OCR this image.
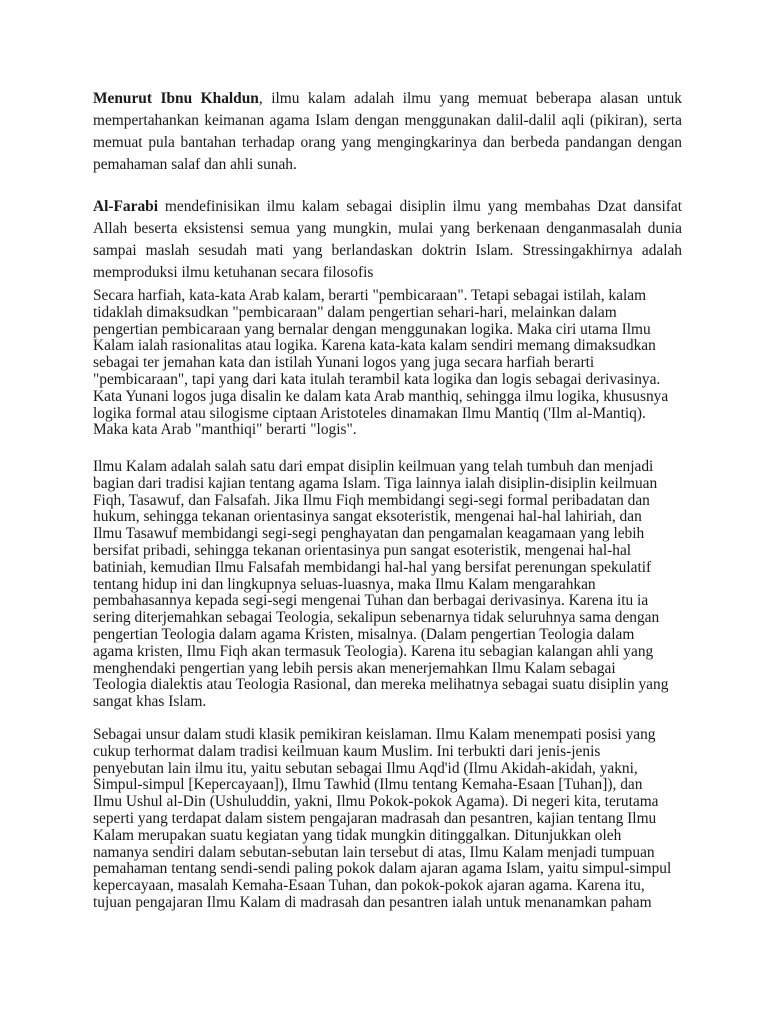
Menurut Ibnu Khaldun, ilmu kalam adalah ilmu yang memuat beberapa alasan untuk
mempertahankan keimanan agama Islam dengan menggunakan dalil-dalil aqli (pikiran), serta
memuat pula bantahan terhadap orang yang mengingkarinya dan berbeda pandangan dengan
pemahaman salaf dan ahli sunah.
Al-Farabi mendefinisikan ilmu kalam sebagai disiplin ilmu yang membahas Dzat dansifat
Allah beserta eksistensi semua yang mungkin, mulai yang berkenaan denganmasalah dunia
sampai maslah sesudah mati yang berlandaskan doktrin Islam. Stressingakhirnya adalah
memproduksi ilmu ketuhanan secara filosofis
Secara harfiah, kata-kata Arab kalam, berarti "pembicaraan". Tetapi sebagai istilah, kalam
tidaklah dimaksudkan "pembicaraan" dalam pengertian sehari-hari, melainkan dalam
pengertian pembicaraan yang bernalar dengan menggunakan logika. Maka ciri utama Ilmu
Kalam ialah rasionalitas atau logika. Karena kata-kata kalam sendiri memang dimaksudkan
sebagai ter jemahan kata dan istilah Yunani logos yang juga secara harfiah berarti
"pembicaraan", tapi yang dari kata itulah terambil kata logika dan logis sebagai derivasinya.
Kata Yunani logos juga disalin ke dalam kata Arab manthiq, sehingga ilmu logika, khususnya
logika formal atau silogisme ciptaan Aristoteles dinamakan Ilmu Mantiq ('Ilm al-Mantiq).
Maka kata Arab "manthiqi" berarti "logis".
Ilmu Kalam adalah salah satu dari empat disiplin keilmuan yang telah tumbuh dan menjadi
bagian dari tradisi kajian tentang agama Islam. Tiga lainnya ialah disiplin-disiplin keilmuan
Fiqh, Tasawuf, dan Falsafah. Jika Ilmu Fiqh membidangi segi-segi formal peribadatan dan
hukum, sehingga tekanan orientasinya sangat eksoteristik, mengenai hal-hal lahiriah, dan
Ilmu Tasawuf membidangi segi-segi penghayatan dan pengamalan keagamaan yang lebih
bersifat pribadi, sehingga tekanan orientasinya pun sangat esoteristik, mengenai hal-hal
batiniah, kemudian Ilmu Falsafah membidangi hal-hal yang bersifat perenungan spekulatif
tentang hidup ini dan lingkupnya seluas-luasnya, maka Ilmu Kalam mengarahkan
pembahasannya kepada segi-segi mengenai Tuhan dan berbagai derivasinya. Karena itu ia
sering diterjemahkan sebagai Teologia, sekalipun sebenarnya tidak seluruhnya sama dengan
pengertian Teologia dalam agama Kristen, misalnya. (Dalam pengertian Teologia dalam
agama kristen, Ilmu Fiqh akan termasuk Teologia). Karena itu sebagian kalangan ahli yang
menghendaki pengertian yang lebih persis akan menerjemahkan Ilmu Kalam sebagai
Teologia dialektis atau Teologia Rasional, dan mereka melihatnya sebagai suatu disiplin yang
sangat khas Islam.
Sebagai unsur dalam studi klasik pemikiran keislaman. Ilmu Kalam menempati posisi yang
cukup terhormat dalam tradisi keilmuan kaum Muslim. Ini terbukti dari jenis-jenis
penyebutan lain ilmu itu, yaitu sebutan sebagai Ilmu Aqd'id (Ilmu Akidah-akidah, yakni,
Simpul-simpul [Kepercayaan]), Ilmu Tawhid (Ilmu tentang Kemaha-Esaan [Tuhan]), dan
Ilmu Ushul al-Din (Ushuluddin, yakni, Ilmu Pokok-pokok Agama). Di negeri kita, terutama
seperti yang terdapat dalam sistem pengajaran madrasah dan pesantren, kajian tentang Ilmu
Kalam merupakan suatu kegiatan yang tidak mungkin ditinggalkan. Ditunjukkan oleh
namanya sendiri dalam sebutan-sebutan lain tersebut di atas, Ilmu Kalam menjadi tumpuan
pemahaman tentang sendi-sendi paling pokok dalam ajaran agama Islam, yaitu simpul-simpul
kepercayaan, masalah Kemaha-Esaan Tuhan, dan pokok-pokok ajaran agama. Karena itu,
tujuan pengajaran Ilmu Kalam di madrasah dan pesantren ialah untuk menanamkan paham
